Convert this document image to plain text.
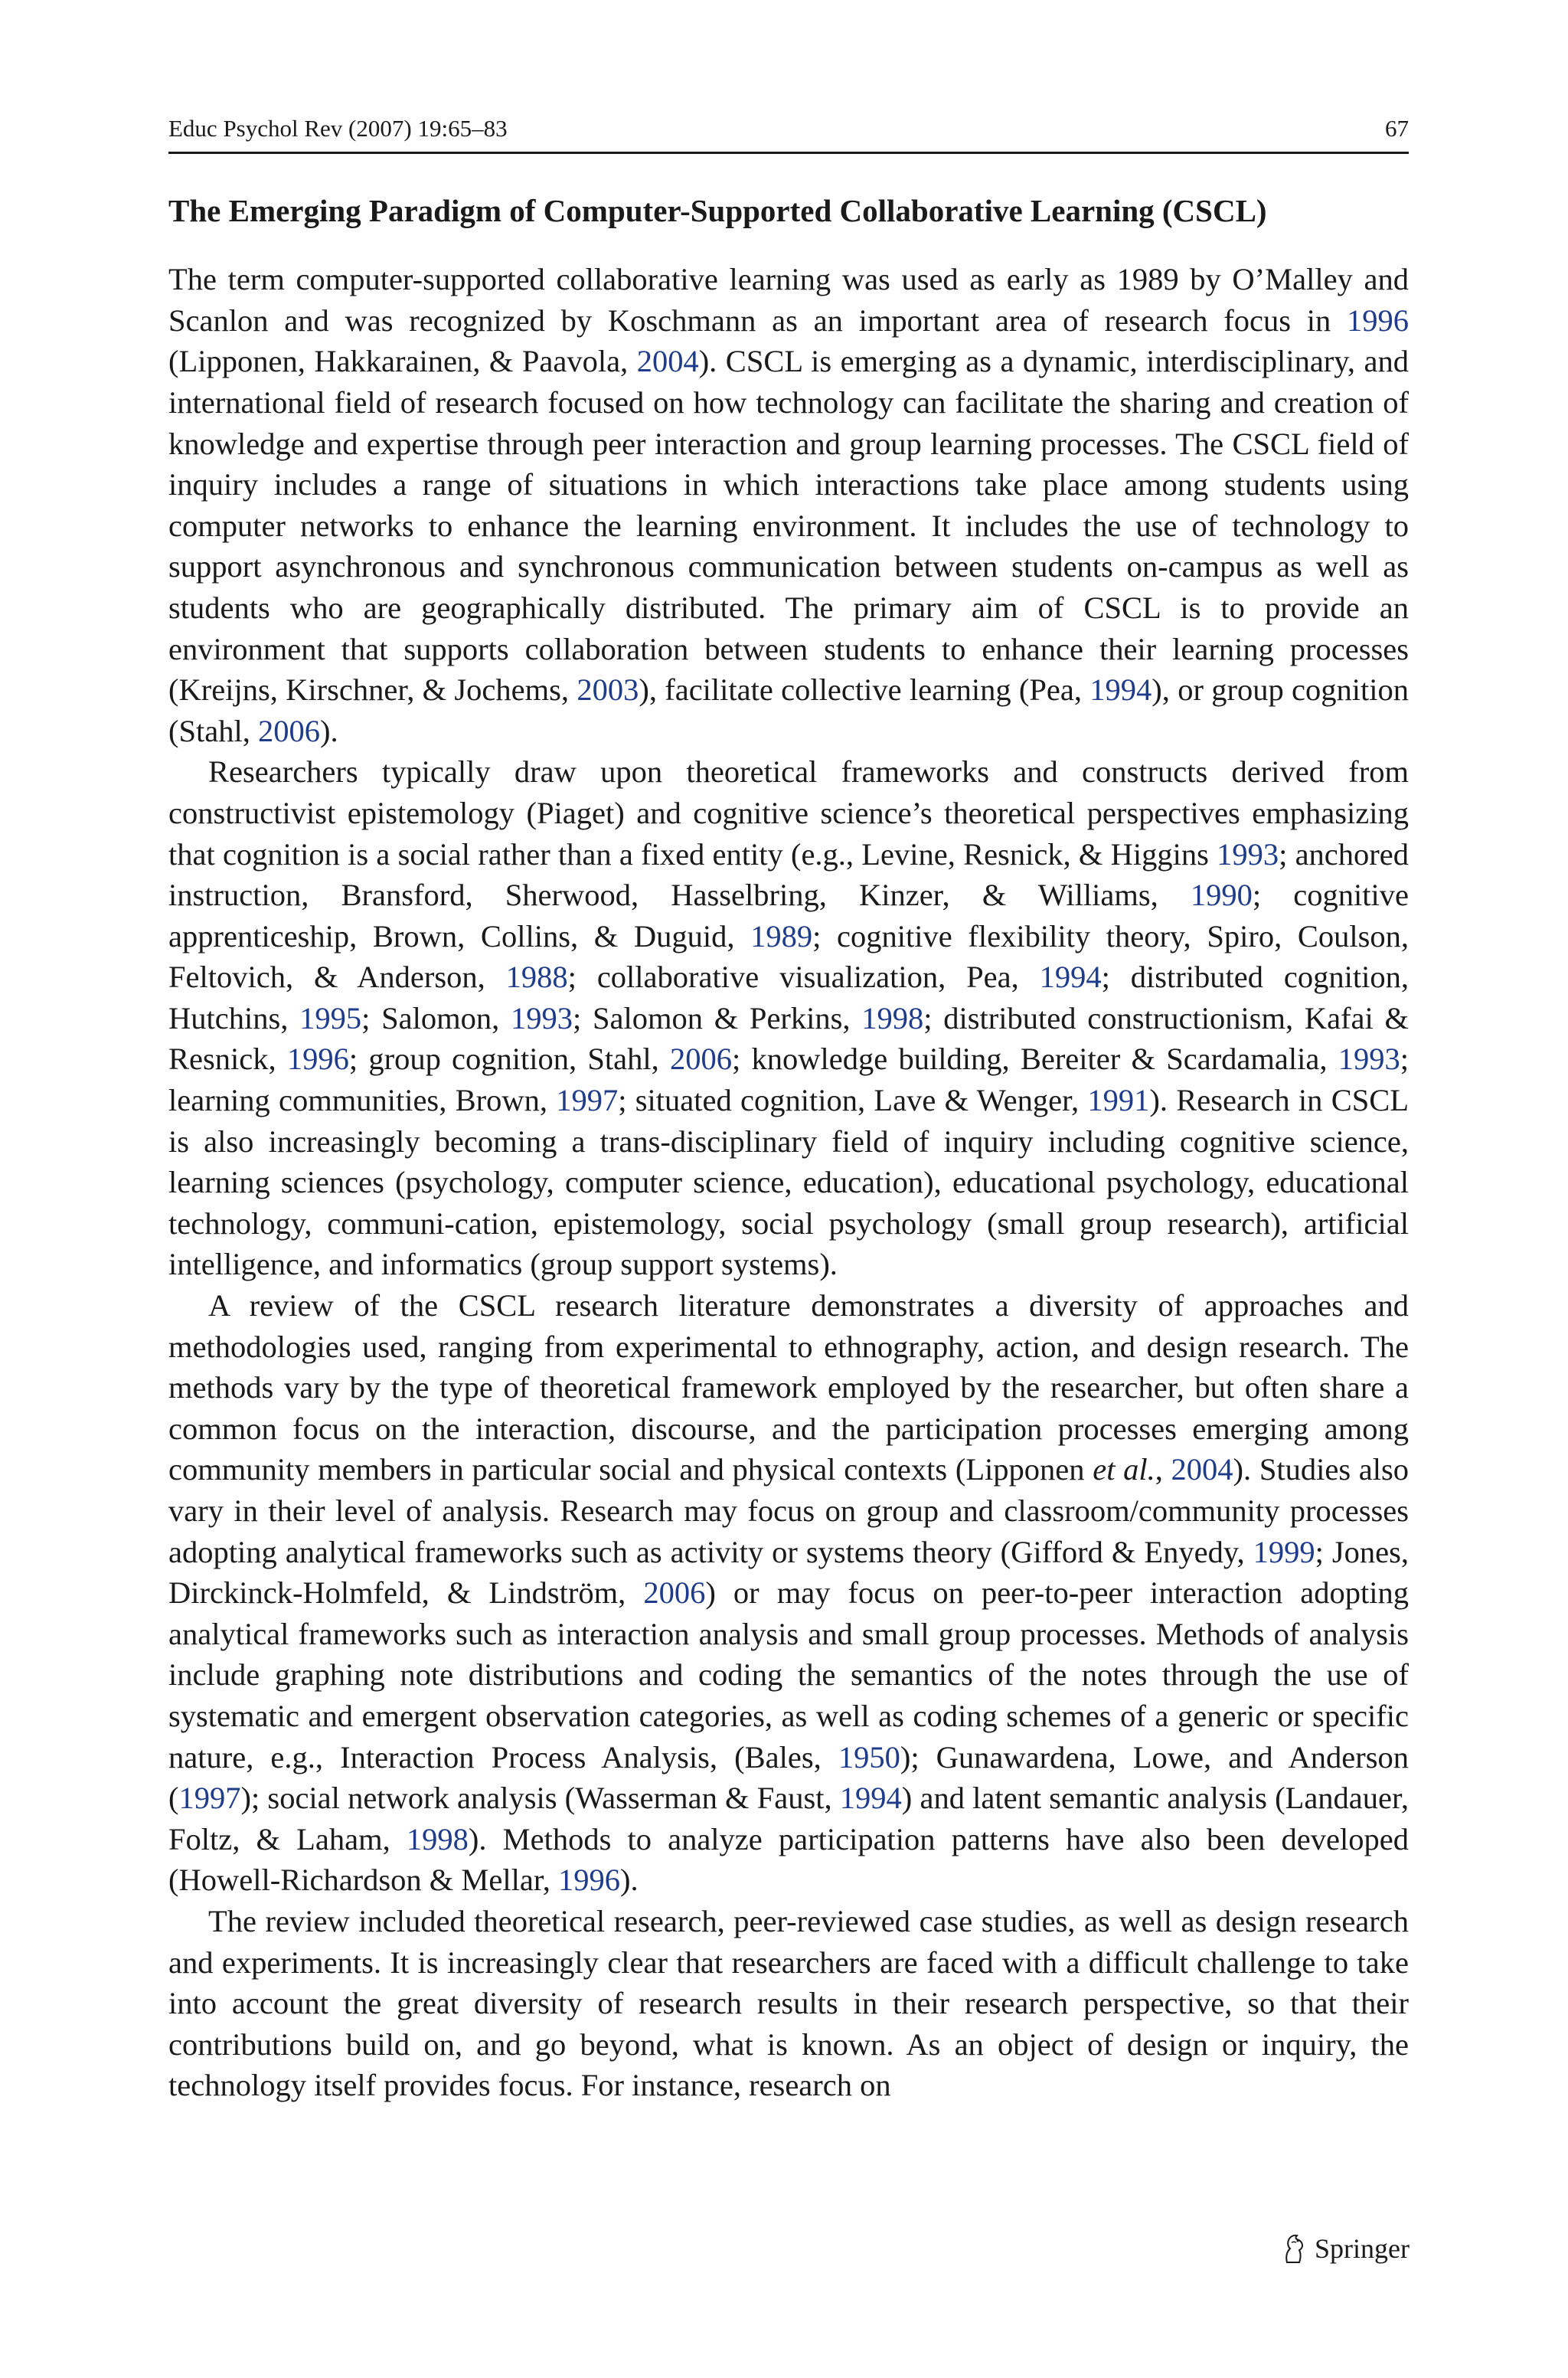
Educ Psychol Rev (2007) 19:65–83	67
The Emerging Paradigm of Computer-Supported Collaborative Learning (CSCL)

The term computer-supported collaborative learning was used as early as 1989 by O’Malley and Scanlon and was recognized by Koschmann as an important area of research focus in 1996 (Lipponen, Hakkarainen, & Paavola, 2004). CSCL is emerging as a dynamic, interdisciplinary, and international field of research focused on how technology can facilitate the sharing and creation of knowledge and expertise through peer interaction and group learning processes. The CSCL field of inquiry includes a range of situations in which interactions take place among students using computer networks to enhance the learning environment. It includes the use of technology to support asynchronous and synchronous communication between students on-campus as well as students who are geographically distributed. The primary aim of CSCL is to provide an environment that supports collaboration between students to enhance their learning processes (Kreijns, Kirschner, & Jochems, 2003), facilitate collective learning (Pea, 1994), or group cognition (Stahl, 2006).

Researchers typically draw upon theoretical frameworks and constructs derived from constructivist epistemology (Piaget) and cognitive science’s theoretical perspectives emphasizing that cognition is a social rather than a fixed entity (e.g., Levine, Resnick, & Higgins 1993; anchored instruction, Bransford, Sherwood, Hasselbring, Kinzer, & Williams, 1990; cognitive apprenticeship, Brown, Collins, & Duguid, 1989; cognitive flexibility theory, Spiro, Coulson, Feltovich, & Anderson, 1988; collaborative visualization, Pea, 1994; distributed cognition, Hutchins, 1995; Salomon, 1993; Salomon & Perkins, 1998; distributed constructionism, Kafai & Resnick, 1996; group cognition, Stahl, 2006; knowledge building, Bereiter & Scardamalia, 1993; learning communities, Brown, 1997; situated cognition, Lave & Wenger, 1991). Research in CSCL is also increasingly becoming a trans-disciplinary field of inquiry including cognitive science, learning sciences (psychology, computer science, education), educational psychology, educational technology, communi-cation, epistemology, social psychology (small group research), artificial intelligence, and informatics (group support systems).

A review of the CSCL research literature demonstrates a diversity of approaches and methodologies used, ranging from experimental to ethnography, action, and design research. The methods vary by the type of theoretical framework employed by the researcher, but often share a common focus on the interaction, discourse, and the participation processes emerging among community members in particular social and physical contexts (Lipponen et al., 2004). Studies also vary in their level of analysis. Research may focus on group and classroom/community processes adopting analytical frameworks such as activity or systems theory (Gifford & Enyedy, 1999; Jones, Dirckinck-Holmfeld, & Lindström, 2006) or may focus on peer-to-peer interaction adopting analytical frameworks such as interaction analysis and small group processes. Methods of analysis include graphing note distributions and coding the semantics of the notes through the use of systematic and emergent observation categories, as well as coding schemes of a generic or specific nature, e.g., Interaction Process Analysis, (Bales, 1950); Gunawardena, Lowe, and Anderson (1997); social network analysis (Wasserman & Faust, 1994) and latent semantic analysis (Landauer, Foltz, & Laham, 1998). Methods to analyze participation patterns have also been developed (Howell-Richardson & Mellar, 1996).

The review included theoretical research, peer-reviewed case studies, as well as design research and experiments. It is increasingly clear that researchers are faced with a difficult challenge to take into account the great diversity of research results in their research perspective, so that their contributions build on, and go beyond, what is known. As an object of design or inquiry, the technology itself provides focus. For instance, research on

Springer
